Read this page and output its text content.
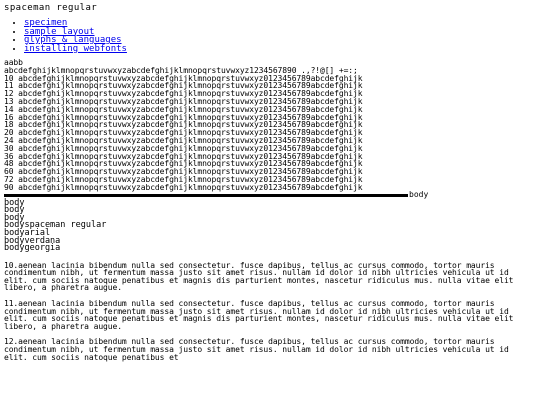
spaceman regular
• specimen
• sample layout
• glyphs & languages
• installing webfonts
aabb
abcdefghijklmnopqrstuvwxyzabcdefghijklmnopqrstuvwxyz1234567890 .,?!@[] +=:;
10 abcdefghijklmnopqrstuvwxyzabcdefghijklmnopqrstuvwxyz0123456789abcdefghijk
11 abcdefghijklmnopqrstuvwxyzabcdefghijklmnopqrstuvwxyz0123456789abcdefghijk
12 abcdefghijklmnopqrstuvwxyzabcdefghijklmnopqrstuvwxyz0123456789abcdefghijk
13 abcdefghijklmnopqrstuvwxyzabcdefghijklmnopqrstuvwxyz0123456789abcdefghijk
14 abcdefghijklmnopqrstuvwxyzabcdefghijklmnopqrstuvwxyz0123456789abcdefghijk
16 abcdefghijklmnopqrstuvwxyzabcdefghijklmnopqrstuvwxyz0123456789abcdefghijk
18 abcdefghijklmnopqrstuvwxyzabcdefghijklmnopqrstuvwxyz0123456789abcdefghijk
20 abcdefghijklmnopqrstuvwxyzabcdefghijklmnopqrstuvwxyz0123456789abcdefghijk
24 abcdefghijklmnopqrstuvwxyzabcdefghijklmnopqrstuvwxyz0123456789abcdefghijk
30 abcdefghijklmnopqrstuvwxyzabcdefghijklmnopqrstuvwxyz0123456789abcdefghijk
36 abcdefghijklmnopqrstuvwxyzabcdefghijklmnopqrstuvwxyz0123456789abcdefghijk
48 abcdefghijklmnopqrstuvwxyzabcdefghijklmnopqrstuvwxyz0123456789abcdefghijk
60 abcdefghijklmnopqrstuvwxyzabcdefghijklmnopqrstuvwxyz0123456789abcdefghijk
72 abcdefghijklmnopqrstuvwxyzabcdefghijklmnopqrstuvwxyz0123456789abcdefghijk
90 abcdefghijklmnopqrstuvwxyzabcdefghijklmnopqrstuvwxyz0123456789abcdefghijk
body
body
body
body
bodyspaceman regular
bodyarial
bodyverdana
bodygeorgia

10.aenean lacinia bibendum nulla sed consectetur. fusce dapibus, tellus ac cursus commodo, tortor mauris condimentum nibh, ut fermentum massa justo sit amet risus. nullam id dolor id nibh ultricies vehicula ut id elit. cum sociis natoque penatibus et magnis dis parturient montes, nascetur ridiculus mus. nulla vitae elit libero, a pharetra augue.

11.aenean lacinia bibendum nulla sed consectetur. fusce dapibus, tellus ac cursus commodo, tortor mauris condimentum nibh, ut fermentum massa justo sit amet risus. nullam id dolor id nibh ultricies vehicula ut id elit. cum sociis natoque penatibus et magnis dis parturient montes, nascetur ridiculus mus. nulla vitae elit libero, a pharetra augue.

12.aenean lacinia bibendum nulla sed consectetur. fusce dapibus, tellus ac cursus commodo, tortor mauris condimentum nibh, ut fermentum massa justo sit amet risus. nullam id dolor id nibh ultricies vehicula ut id elit. cum sociis natoque penatibus et
